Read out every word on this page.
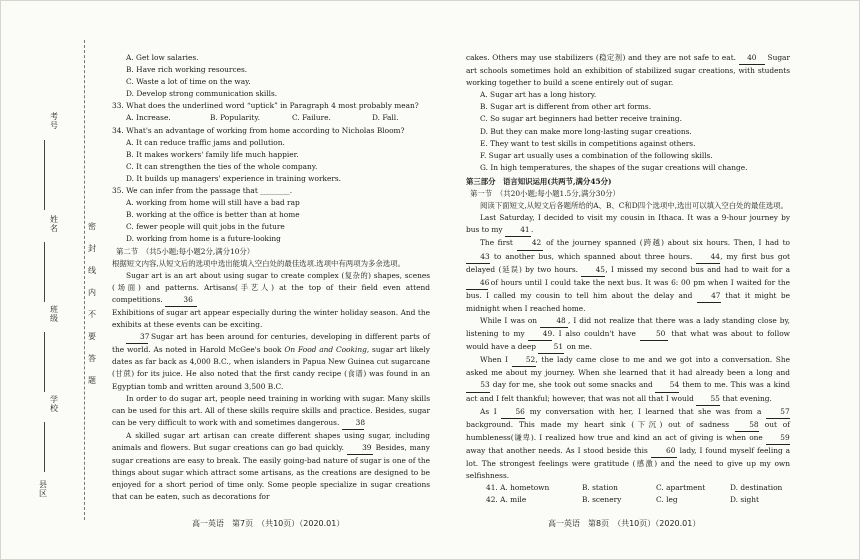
考号
姓名
班级
学校
县区
密
封
线
内
不
要
答
题
A. Get low salaries.
B. Have rich working resources.
C. Waste a lot of time on the way.
D. Develop strong communication skills.
33. What does the underlined word “uptick” in Paragraph 4 most probably mean?
A. Increase.	B. Popularity.	C. Failure.	D. Fall.
34. What's an advantage of working from home according to Nicholas Bloom?
A. It can reduce traffic jams and pollution.
B. It makes workers' family life much happier.
C. It can strengthen the ties of the whole company.
D. It builds up managers' experience in training workers.
35. We can infer from the passage that ________.
A. working from home will still have a bad rap
B. working at the office is better than at home
C. fewer people will quit jobs in the future
D. working from home is a future-looking
第二节　（共5小题;每小题2分,满分10分）
根据短文内容,从短文后的选项中选出能填入空白处的最佳选项.选项中有两项为多余选项。
Sugar art is an art about using sugar to create complex (复杂的) shapes, scenes (场面) and patterns. Artisans(手艺人) at the top of their field even attend competitions. 36
Exhibitions of sugar art appear especially during the winter holiday season. And the exhibits at these events can be exciting.
37 Sugar art has been around for centuries, developing in different parts of the world. As noted in Harold McGee's book On Food and Cooking, sugar art likely dates as far back as 4,000 B.C., when islanders in Papua New Guinea cut sugarcane (甘蔗) for its juice. He also noted that the first candy recipe (食谱) was found in an Egyptian tomb and written around 3,500 B.C.
In order to do sugar art, people need training in working with sugar. Many skills can be used for this art. All of these skills require skills and practice. Besides, sugar can be very difficult to work with and sometimes dangerous. 38
A skilled sugar art artisan can create different shapes using sugar, including animals and flowers. But sugar creations can go bad quickly. 39 Besides, many sugar creations are easy to break. The easily going-bad nature of sugar is one of the things about sugar which attract some artisans, as the creations are designed to be enjoyed for a short period of time only. Some people specialize in sugar creations that can be eaten, such as decorations for
高一英语　第7页　（共10页）（2020.01）
cakes. Others may use stabilizers (稳定剂) and they are not safe to eat. 40 Sugar art schools sometimes hold an exhibition of stabilized sugar creations, with students working together to build a scene entirely out of sugar.
A. Sugar art has a long history.
B. Sugar art is different from other art forms.
C. So sugar art beginners had better receive training.
D. But they can make more long-lasting sugar creations.
E. They want to test skills in competitions against others.
F. Sugar art usually uses a combination of the following skills.
G. In high temperatures, the shapes of the sugar creations will change.
第三部分　语言知识运用(共两节,满分45分)
第一节　（共20小题;每小题1.5分,满分30分）
阅读下面短文,从短文后各题所给的A、B、C和D四个选项中,选出可以填入空白处的最佳选项。
Last Saturday, I decided to visit my cousin in Ithaca. It was a 9-hour journey by bus to my 41.
The first 42 of the journey spanned (跨越) about six hours. Then, I had to 43 to another bus, which spanned about three hours. 44, my first bus got delayed (延误) by two hours. 45, I missed my second bus and had to wait for a 46 of hours until I could take the next bus. It was 6: 00 pm when I waited for the bus. I called my cousin to tell him about the delay and 47 that it might be midnight when I reached home.
While I was on 48 , I did not realize that there was a lady standing close by, listening to my 49. I also couldn't have 50 that what was about to follow would have a deep 51 on me.
When I 52, the lady came close to me and we got into a conversation. She asked me about my journey. When she learned that it had already been a long and 53 day for me, she took out some snacks and 54 them to me. This was a kind act and I felt thankful; however, that was not all that I would 55 that evening.
As I 56 my conversation with her, I learned that she was from a 57 background. This made my heart sink (下沉) out of sadness 58 out of humbleness(谦卑). I realized how true and kind an act of giving is when one 59 away that another needs. As I stood beside this 60 lady, I found myself feeling a lot. The strongest feelings were gratitude (感激) and the need to give up my own selfishness.
41. A. hometown	B. station	C. apartment	D. destination
42. A. mile	B. scenery	C. leg	D. sight
高一英语　第8页　（共10页）（2020.01）
